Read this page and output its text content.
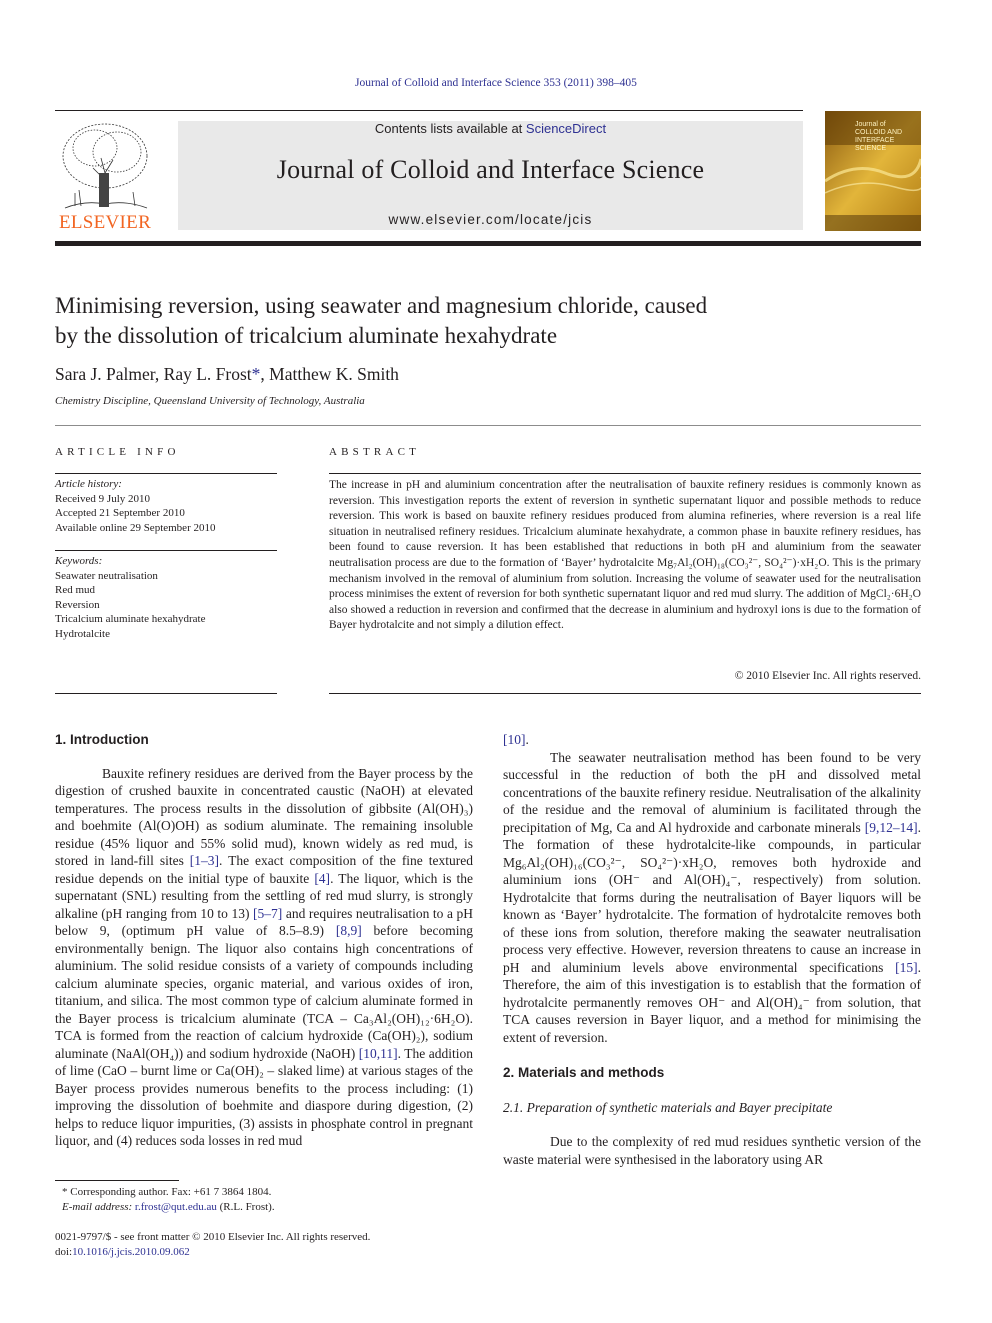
Journal of Colloid and Interface Science 353 (2011) 398–405
ELSEVIER
Contents lists available at ScienceDirect
Journal of Colloid and Interface Science
www.elsevier.com/locate/jcis
Journal of COLLOID AND INTERFACE SCIENCE
Minimising reversion, using seawater and magnesium chloride, caused
by the dissolution of tricalcium aluminate hexahydrate
Sara J. Palmer, Ray L. Frost*, Matthew K. Smith
Chemistry Discipline, Queensland University of Technology, Australia
ARTICLE INFO
Article history:
Received 9 July 2010
Accepted 21 September 2010
Available online 29 September 2010
Keywords:
Seawater neutralisation
Red mud
Reversion
Tricalcium aluminate hexahydrate
Hydrotalcite
ABSTRACT
The increase in pH and aluminium concentration after the neutralisation of bauxite refinery residues is commonly known as reversion. This investigation reports the extent of reversion in synthetic supernatant liquor and possible methods to reduce reversion. This work is based on bauxite refinery residues produced from alumina refineries, where reversion is a real life situation in neutralised refinery residues. Tricalcium aluminate hexahydrate, a common phase in bauxite refinery residues, has been found to cause reversion. It has been established that reductions in both pH and aluminium from the seawater neutralisation process are due to the formation of ‘Bayer’ hydrotalcite Mg₇Al₂(OH)₁₈(CO₃²⁻, SO₄²⁻)·xH₂O. This is the primary mechanism involved in the removal of aluminium from solution. Increasing the volume of seawater used for the neutralisation process minimises the extent of reversion for both synthetic supernatant liquor and red mud slurry. The addition of MgCl₂·6H₂O also showed a reduction in reversion and confirmed that the decrease in aluminium and hydroxyl ions is due to the formation of Bayer hydrotalcite and not simply a dilution effect.
© 2010 Elsevier Inc. All rights reserved.
1. Introduction
Bauxite refinery residues are derived from the Bayer process by the digestion of crushed bauxite in concentrated caustic (NaOH) at elevated temperatures. The process results in the dissolution of gibbsite (Al(OH)₃) and boehmite (Al(O)OH) as sodium aluminate. The remaining insoluble residue (45% liquor and 55% solid mud), known widely as red mud, is stored in land-fill sites [1–3]. The exact composition of the fine textured residue depends on the initial type of bauxite [4]. The liquor, which is the supernatant (SNL) resulting from the settling of red mud slurry, is strongly alkaline (pH ranging from 10 to 13) [5–7] and requires neutralisation to a pH below 9, (optimum pH value of 8.5–8.9) [8,9] before becoming environmentally benign. The liquor also contains high concentrations of aluminium. The solid residue consists of a variety of compounds including calcium aluminate species, organic material, and various oxides of iron, titanium, and silica. The most common type of calcium aluminate formed in the Bayer process is tricalcium aluminate (TCA – Ca₃Al₂(OH)₁₂·6H₂O). TCA is formed from the reaction of calcium hydroxide (Ca(OH)₂), sodium aluminate (NaAl(OH₄)) and sodium hydroxide (NaOH) [10,11]. The addition of lime (CaO – burnt lime or Ca(OH)₂ – slaked lime) at various stages of the Bayer process provides numerous benefits to the process including: (1) improving the dissolution of boehmite and diaspore during digestion, (2) helps to reduce liquor impurities, (3) assists in phosphate control in pregnant liquor, and (4) reduces soda losses in red mud
[10].
The seawater neutralisation method has been found to be very successful in the reduction of both the pH and dissolved metal concentrations of the bauxite refinery residue. Neutralisation of the alkalinity of the residue and the removal of aluminium is facilitated through the precipitation of Mg, Ca and Al hydroxide and carbonate minerals [9,12–14]. The formation of these hydrotalcite-like compounds, in particular Mg₆Al₂(OH)₁₆(CO₃²⁻, SO₄²⁻)·xH₂O, removes both hydroxide and aluminium ions (OH⁻ and Al(OH)₄⁻, respectively) from solution. Hydrotalcite that forms during the neutralisation of Bayer liquors will be known as ‘Bayer’ hydrotalcite. The formation of hydrotalcite removes both of these ions from solution, therefore making the seawater neutralisation process very effective. However, reversion threatens to cause an increase in pH and aluminium levels above environmental specifications [15]. Therefore, the aim of this investigation is to establish that the formation of hydrotalcite permanently removes OH⁻ and Al(OH)₄⁻ from solution, that TCA causes reversion in Bayer liquor, and a method for minimising the extent of reversion.
2. Materials and methods
2.1. Preparation of synthetic materials and Bayer precipitate
Due to the complexity of red mud residues synthetic version of the waste material were synthesised in the laboratory using AR
* Corresponding author. Fax: +61 7 3864 1804.
E-mail address: r.frost@qut.edu.au (R.L. Frost).
0021-9797/$ - see front matter © 2010 Elsevier Inc. All rights reserved.
doi:10.1016/j.jcis.2010.09.062
